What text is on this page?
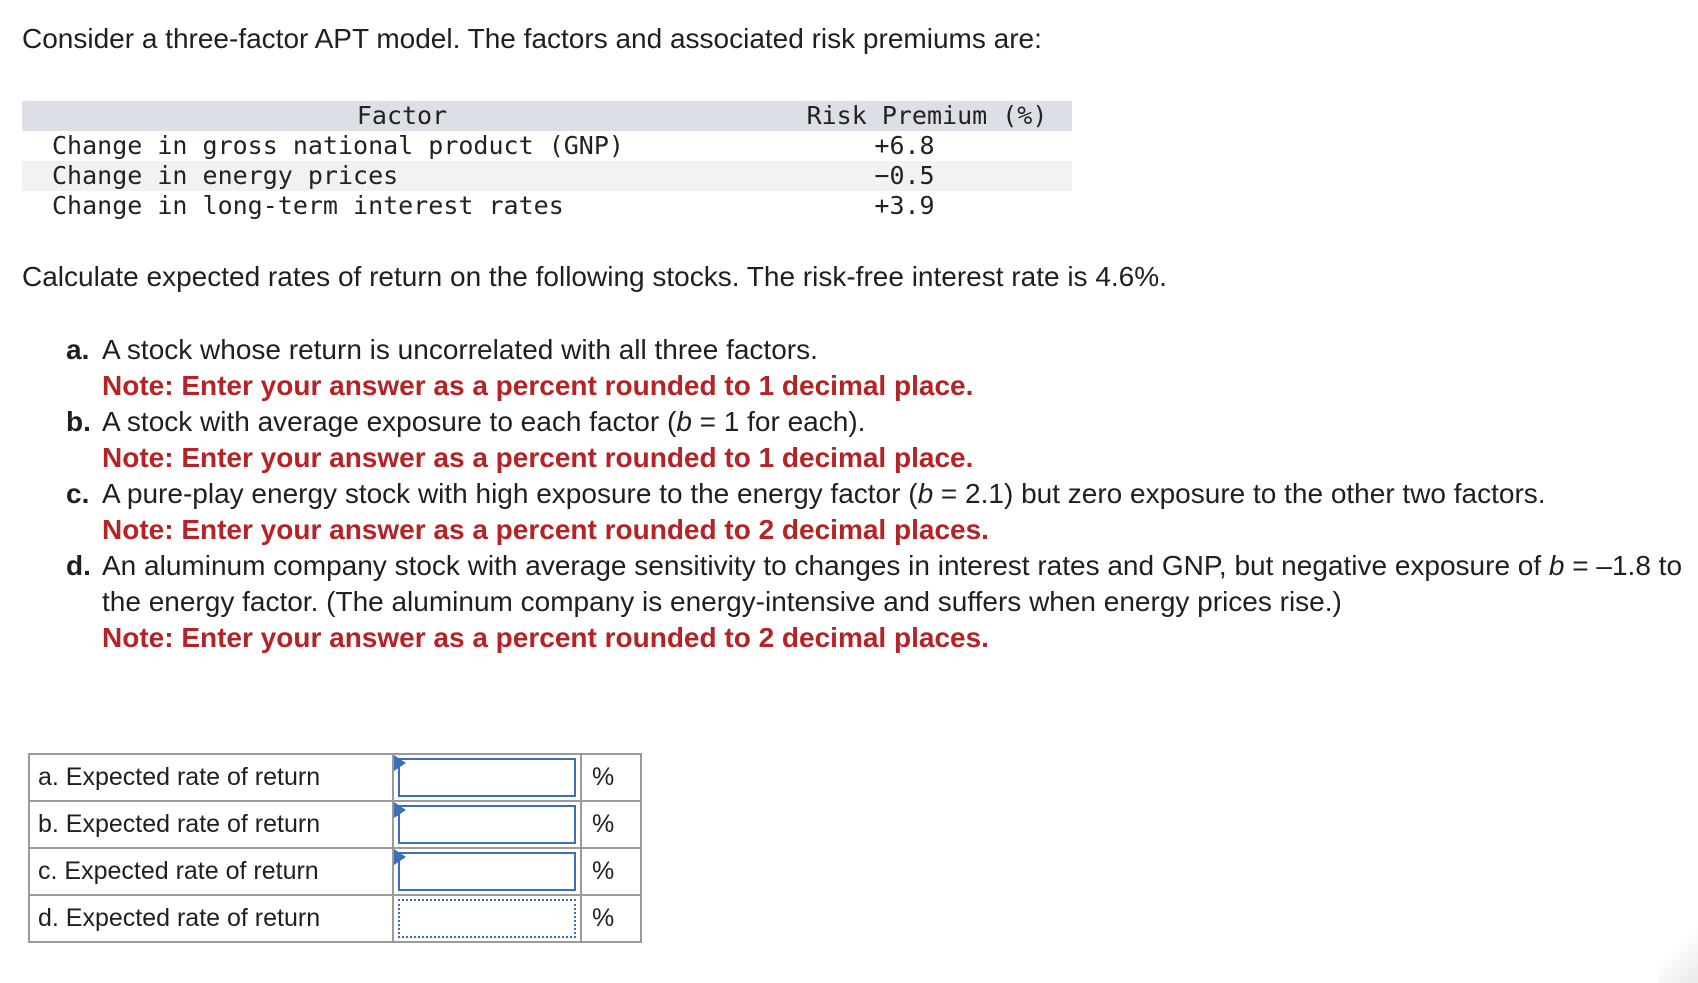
Consider a three-factor APT model. The factors and associated risk premiums are:

Factor	Risk Premium (%)
Change in gross national product (GNP)	+6.8
Change in energy prices	−0.5
Change in long-term interest rates	+3.9
Calculate expected rates of return on the following stocks. The risk-free interest rate is 4.6%.
a. A stock whose return is uncorrelated with all three factors.
Note: Enter your answer as a percent rounded to 1 decimal place.
b. A stock with average exposure to each factor (b = 1 for each).
Note: Enter your answer as a percent rounded to 1 decimal place.
c. A pure-play energy stock with high exposure to the energy factor (b = 2.1) but zero exposure to the other two factors.
Note: Enter your answer as a percent rounded to 2 decimal places.
d. An aluminum company stock with average sensitivity to changes in interest rates and GNP, but negative exposure of b = –1.8 to the energy factor. (The aluminum company is energy-intensive and suffers when energy prices rise.)
Note: Enter your answer as a percent rounded to 2 decimal places.
a. Expected rate of return		%
b. Expected rate of return		%
c. Expected rate of return		%
d. Expected rate of return		%
